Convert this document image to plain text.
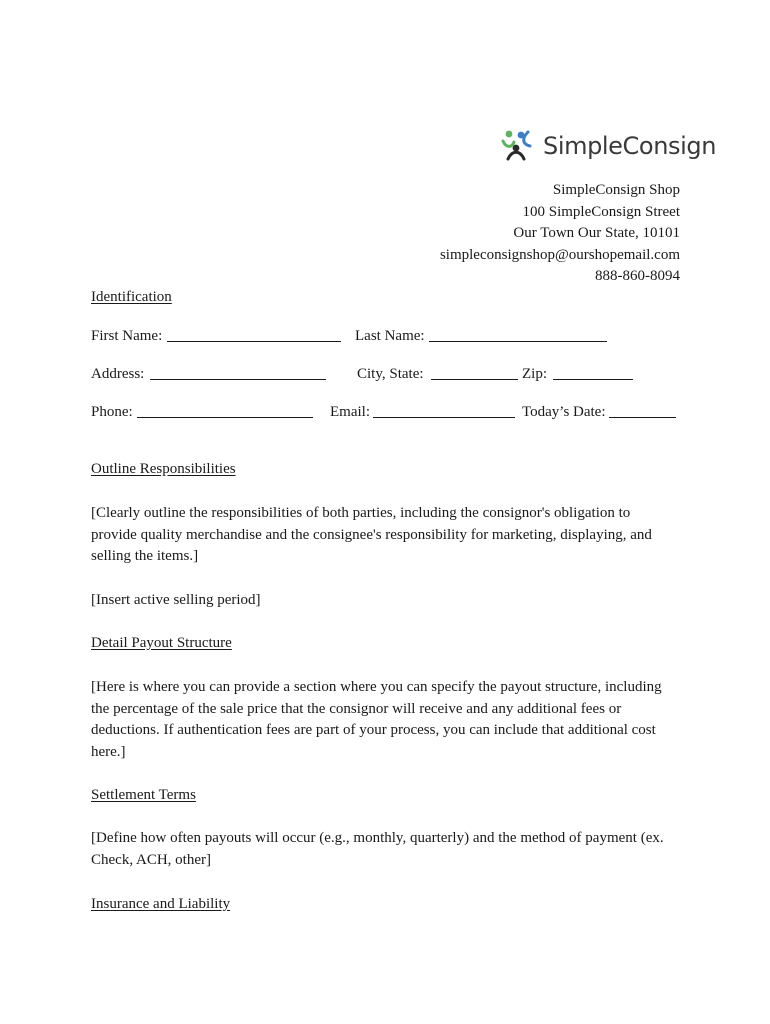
SimpleConsign
SimpleConsign Shop
100 SimpleConsign Street
Our Town Our State, 10101
simpleconsignshop@ourshopemail.com
888-860-8094
Identification
First Name:	Last Name:
Address:	City, State:	Zip:
Phone:	Email:	Today’s Date:
Outline Responsibilities
[Clearly outline the responsibilities of both parties, including the consignor's obligation to
provide quality merchandise and the consignee's responsibility for marketing, displaying, and
selling the items.]
[Insert active selling period]
Detail Payout Structure
[Here is where you can provide a section where you can specify the payout structure, including
the percentage of the sale price that the consignor will receive and any additional fees or
deductions. If authentication fees are part of your process, you can include that additional cost
here.]
Settlement Terms
[Define how often payouts will occur (e.g., monthly, quarterly) and the method of payment (ex.
Check, ACH, other]
Insurance and Liability
